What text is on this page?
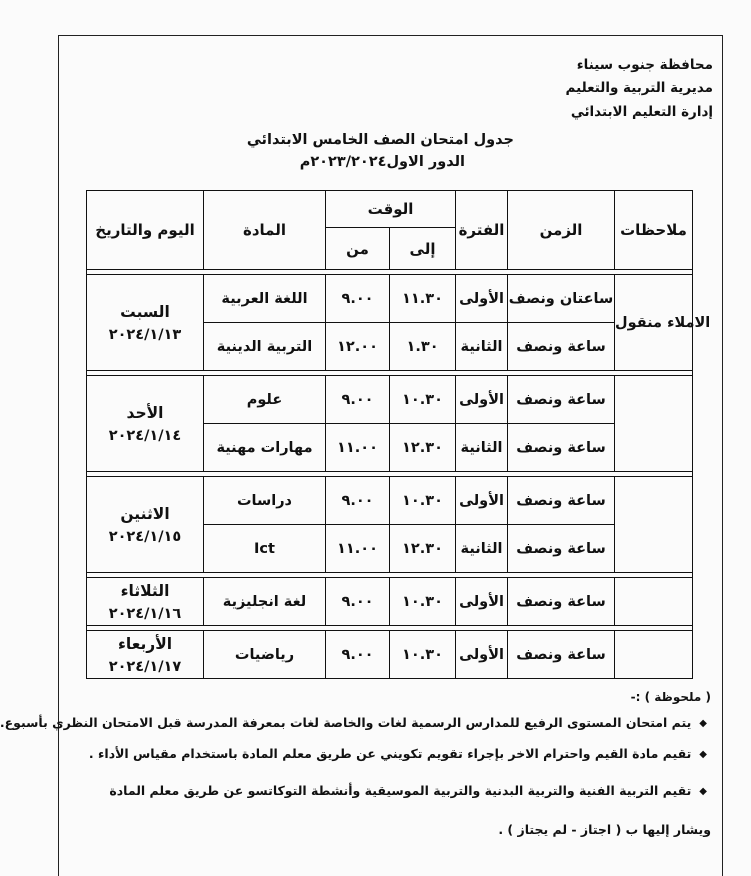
محافظة جنوب سيناء
مديرية التربية والتعليم
إدارة التعليم الابتدائي
جدول امتحان الصف الخامس الابتدائي
الدور الاول٢٠٢٣/٢٠٢٤م
ملاحظات	الزمن	الفترة	الوقت		المادة	اليوم والتاريخ
			إلى	من		

الاملاء منقول	ساعتان ونصف	الأولى	١١.٣٠	٩.٠٠	اللغة العربية	السبت
٢٠٢٤/١/١٣

	ساعة ونصف	الثانية	١.٣٠	١٢.٠٠	التربية الدينية	

	ساعة ونصف	الأولى	١٠.٣٠	٩.٠٠	علوم	الأحد
٢٠٢٤/١/١٤

	ساعة ونصف	الثانية	١٢.٣٠	١١.٠٠	مهارات مهنية	

	ساعة ونصف	الأولى	١٠.٣٠	٩.٠٠	دراسات	الاثنين
٢٠٢٤/١/١٥

	ساعة ونصف	الثانية	١٢.٣٠	١١.٠٠	Ict	

	ساعة ونصف	الأولى	١٠.٣٠	٩.٠٠	لغة انجليزية	الثلاثاء
٢٠٢٤/١/١٦

	ساعة ونصف	الأولى	١٠.٣٠	٩.٠٠	رياضيات	الأربعاء
٢٠٢٤/١/١٧
( ملحوظة ) :-
◆يتم امتحان المستوى الرفيع للمدارس الرسمية لغات والخاصة لغات بمعرفة المدرسة قبل الامتحان النظري بأسبوع.
◆تقيم مادة القيم واحترام الاخر بإجراء تقويم تكويني عن طريق معلم المادة باستخدام مقياس الأداء .
◆تقيم التربية الفنية والتربية البدنية والتربية الموسيقية وأنشطة التوكاتسو عن طريق معلم المادة
ويشار إليها ب ( اجتاز - لم يجتاز ) .
